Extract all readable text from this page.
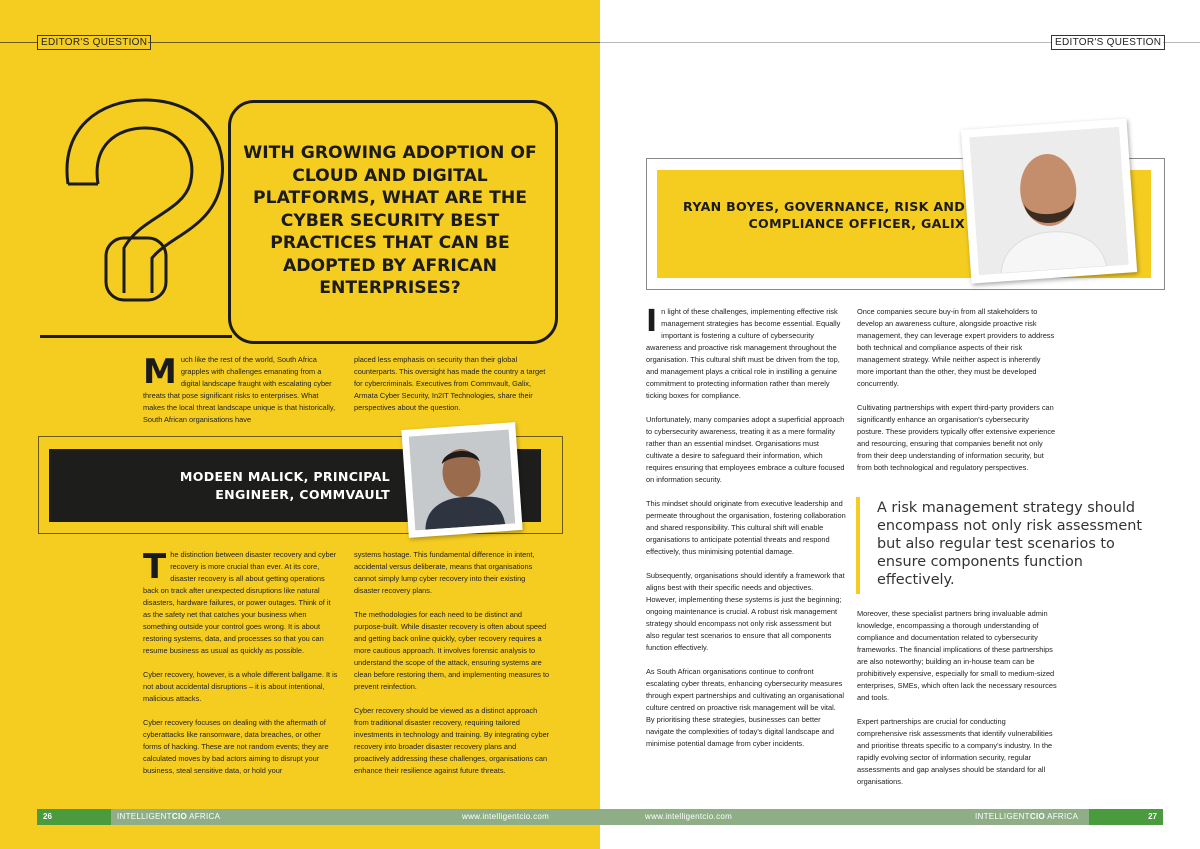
EDITOR'S QUESTION
WITH GROWING ADOPTION OF CLOUD AND DIGITAL PLATFORMS, WHAT ARE THE CYBER SECURITY BEST PRACTICES THAT CAN BE ADOPTED BY AFRICAN ENTERPRISES?
Much like the rest of the world, South Africa grapples with challenges emanating from a digital landscape fraught with escalating cyber threats that pose significant risks to enterprises. What makes the local threat landscape unique is that historically, South African organisations have
placed less emphasis on security than their global counterparts. This oversight has made the country a target for cybercriminals. Executives from Commvault, Galix, Armata Cyber Security, In2IT Technologies, share their perspectives about the question.
MODEEN MALICK, PRINCIPAL ENGINEER, COMMVAULT

The distinction between disaster recovery and cyber recovery is more crucial than ever. At its core, disaster recovery is all about getting operations back on track after unexpected disruptions like natural disasters, hardware failures, or power outages. Think of it as the safety net that catches your business when something outside your control goes wrong. It is about restoring systems, data, and processes so that you can resume business as usual as quickly as possible.

Cyber recovery, however, is a whole different ballgame. It is not about accidental disruptions – it is about intentional, malicious attacks.

Cyber recovery focuses on dealing with the aftermath of cyberattacks like ransomware, data breaches, or other forms of hacking. These are not random events; they are calculated moves by bad actors aiming to disrupt your business, steal sensitive data, or hold your

systems hostage. This fundamental difference in intent, accidental versus deliberate, means that organisations cannot simply lump cyber recovery into their existing disaster recovery plans.

The methodologies for each need to be distinct and purpose-built. While disaster recovery is often about speed and getting back online quickly, cyber recovery requires a more cautious approach. It involves forensic analysis to understand the scope of the attack, ensuring systems are clean before restoring them, and implementing measures to prevent reinfection.

Cyber recovery should be viewed as a distinct approach from traditional disaster recovery, requiring tailored investments in technology and training. By integrating cyber recovery into broader disaster recovery plans and proactively addressing these challenges, organisations can enhance their resilience against future threats.

26	INTELLIGENTCIO AFRICA	www.intelligentcio.com
EDITOR'S QUESTION
RYAN BOYES, GOVERNANCE, RISK AND COMPLIANCE OFFICER, GALIX

In light of these challenges, implementing effective risk management strategies has become essential. Equally important is fostering a culture of cybersecurity awareness and proactive risk management throughout the organisation. This cultural shift must be driven from the top, and management plays a critical role in instilling a genuine commitment to protecting information rather than merely ticking boxes for compliance.

Unfortunately, many companies adopt a superficial approach to cybersecurity awareness, treating it as a mere formality rather than an essential mindset. Organisations must cultivate a desire to safeguard their information, which requires ensuring that employees embrace a culture focused on information security.

This mindset should originate from executive leadership and permeate throughout the organisation, fostering collaboration and shared responsibility. This cultural shift will enable organisations to anticipate potential threats and respond effectively, thus minimising potential damage.

Subsequently, organisations should identify a framework that aligns best with their specific needs and objectives. However, implementing these systems is just the beginning; ongoing maintenance is crucial. A robust risk management strategy should encompass not only risk assessment but also regular test scenarios to ensure that all components function effectively.

As South African organisations continue to confront escalating cyber threats, enhancing cybersecurity measures through expert partnerships and cultivating an organisational culture centred on proactive risk management will be vital. By prioritising these strategies, businesses can better navigate the complexities of today's digital landscape and minimise potential damage from cyber incidents.

Once companies secure buy-in from all stakeholders to develop an awareness culture, alongside proactive risk management, they can leverage expert providers to address both technical and compliance aspects of their risk management strategy. While neither aspect is inherently more important than the other, they must be developed concurrently.

Cultivating partnerships with expert third-party providers can significantly enhance an organisation's cybersecurity posture. These providers typically offer extensive experience and resourcing, ensuring that companies benefit not only from their deep understanding of information security, but from both technological and regulatory perspectives.

A risk management strategy should encompass not only risk assessment but also regular test scenarios to ensure components function effectively.

Moreover, these specialist partners bring invaluable admin knowledge, encompassing a thorough understanding of compliance and documentation related to cybersecurity frameworks. The financial implications of these partnerships are also noteworthy; building an in-house team can be prohibitively expensive, especially for small to medium-sized enterprises, SMEs, which often lack the necessary resources and tools.

Expert partnerships are crucial for conducting comprehensive risk assessments that identify vulnerabilities and prioritise threats specific to a company's industry. In the rapidly evolving sector of information security, regular assessments and gap analyses should be standard for all organisations.

www.intelligentcio.com	INTELLIGENTCIO AFRICA	27
